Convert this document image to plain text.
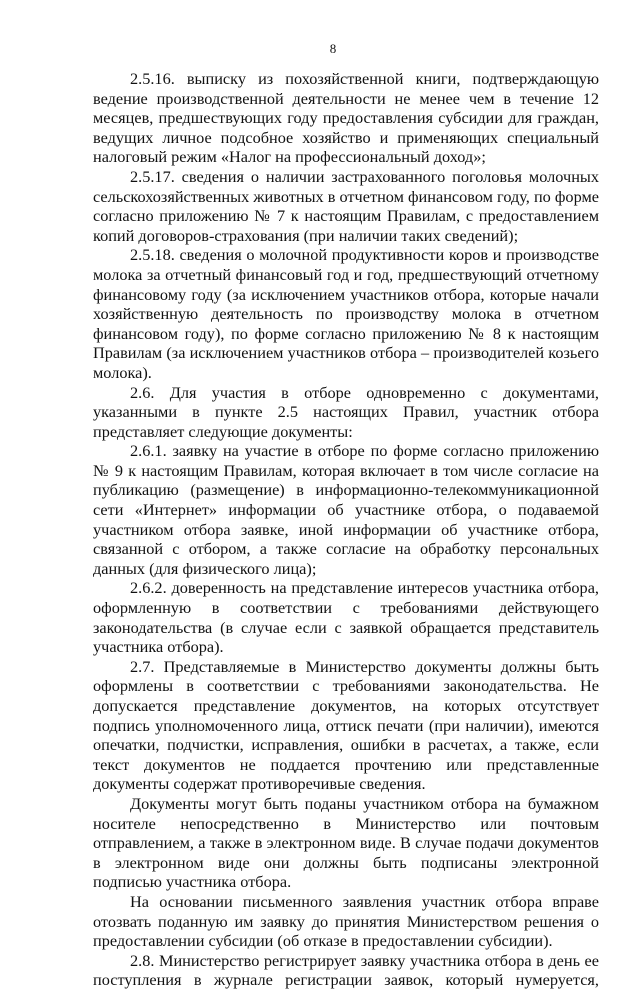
8

2.5.16. выписку из похозяйственной книги, подтверждающую ведение производственной деятельности не менее чем в течение 12 месяцев, предшествующих году предоставления субсидии для граждан, ведущих личное подсобное хозяйство и применяющих специальный налоговый режим «Налог на профессиональный доход»;

2.5.17. сведения о наличии застрахованного поголовья молочных сельскохозяйственных животных в отчетном финансовом году, по форме согласно приложению № 7 к настоящим Правилам, с предоставлением копий договоров-страхования (при наличии таких сведений);

2.5.18. сведения о молочной продуктивности коров и производстве молока за отчетный финансовый год и год, предшествующий отчетному финансовому году (за исключением участников отбора, которые начали хозяйственную деятельность по производству молока в отчетном финансовом году), по форме согласно приложению № 8 к настоящим Правилам (за исключением участников отбора – производителей козьего молока).

2.6. Для участия в отборе одновременно с документами, указанными в пункте 2.5 настоящих Правил, участник отбора представляет следующие документы:

2.6.1. заявку на участие в отборе по форме согласно приложению № 9 к настоящим Правилам, которая включает в том числе согласие на публикацию (размещение) в информационно-телекоммуникационной сети «Интернет» информации об участнике отбора, о подаваемой участником отбора заявке, иной информации об участнике отбора, связанной с отбором, а также согласие на обработку персональных данных (для физического лица);

2.6.2. доверенность на представление интересов участника отбора, оформленную в соответствии с требованиями действующего законодательства (в случае если с заявкой обращается представитель участника отбора).

2.7. Представляемые в Министерство документы должны быть оформлены в соответствии с требованиями законодательства. Не допускается представление документов, на которых отсутствует подпись уполномоченного лица, оттиск печати (при наличии), имеются опечатки, подчистки, исправления, ошибки в расчетах, а также, если текст документов не поддается прочтению или представленные документы содержат противоречивые сведения.

Документы могут быть поданы участником отбора на бумажном носителе непосредственно в Министерство или почтовым отправлением, а также в электронном виде. В случае подачи документов в электронном виде они должны быть подписаны электронной подписью участника отбора.

На основании письменного заявления участник отбора вправе отозвать поданную им заявку до принятия Министерством решения о предоставлении субсидии (об отказе в предоставлении субсидии).

2.8. Министерство регистрирует заявку участника отбора в день ее поступления в журнале регистрации заявок, который нумеруется,
